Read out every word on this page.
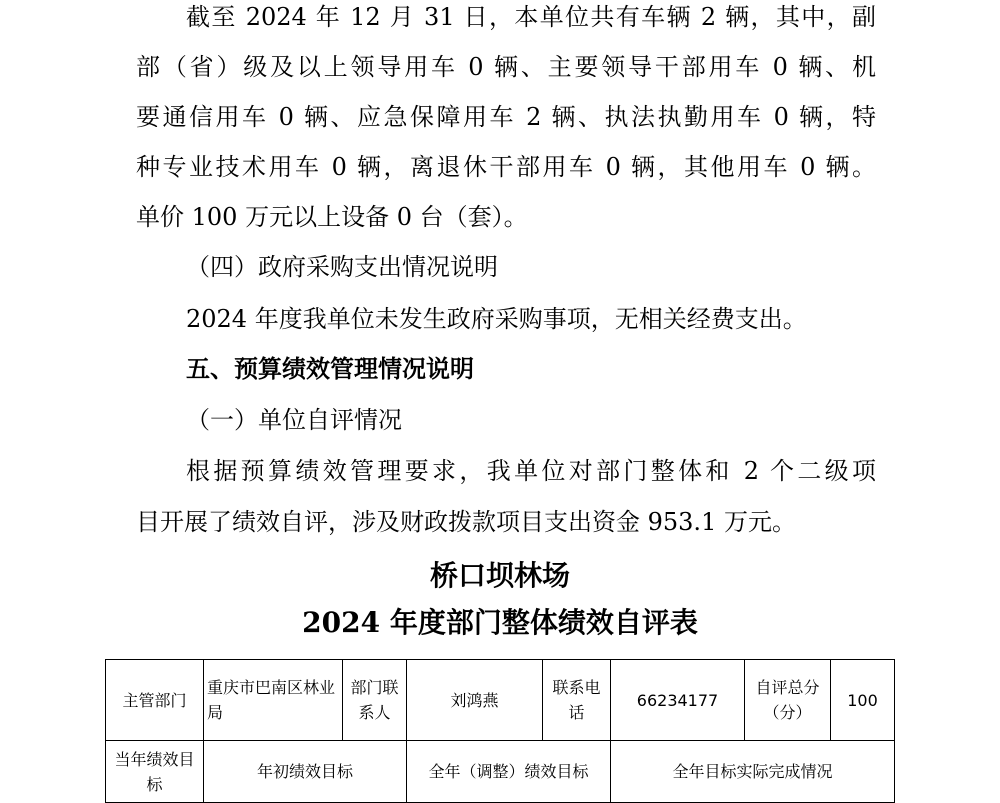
截至 2024 年 12 月 31 日，本单位共有车辆 2 辆，其中，副
部（省）级及以上领导用车 0 辆、主要领导干部用车 0 辆、机
要通信用车 0 辆、应急保障用车 2 辆、执法执勤用车 0 辆，特
种专业技术用车 0 辆，离退休干部用车 0 辆，其他用车 0 辆。
单价 100 万元以上设备 0 台（套）。
（四）政府采购支出情况说明
2024 年度我单位未发生政府采购事项，无相关经费支出。
五、预算绩效管理情况说明
（一）单位自评情况
根据预算绩效管理要求，我单位对部门整体和 2 个二级项
目开展了绩效自评，涉及财政拨款项目支出资金 953.1 万元。
桥口坝林场
2024 年度部门整体绩效自评表
主管部门	重庆市巴南区林业局	部门联系人	刘鸿燕	联系电话	66234177	自评总分（分）	100
当年绩效目标	年初绩效目标		全年（调整）绩效目标		全年目标实际完成情况		
